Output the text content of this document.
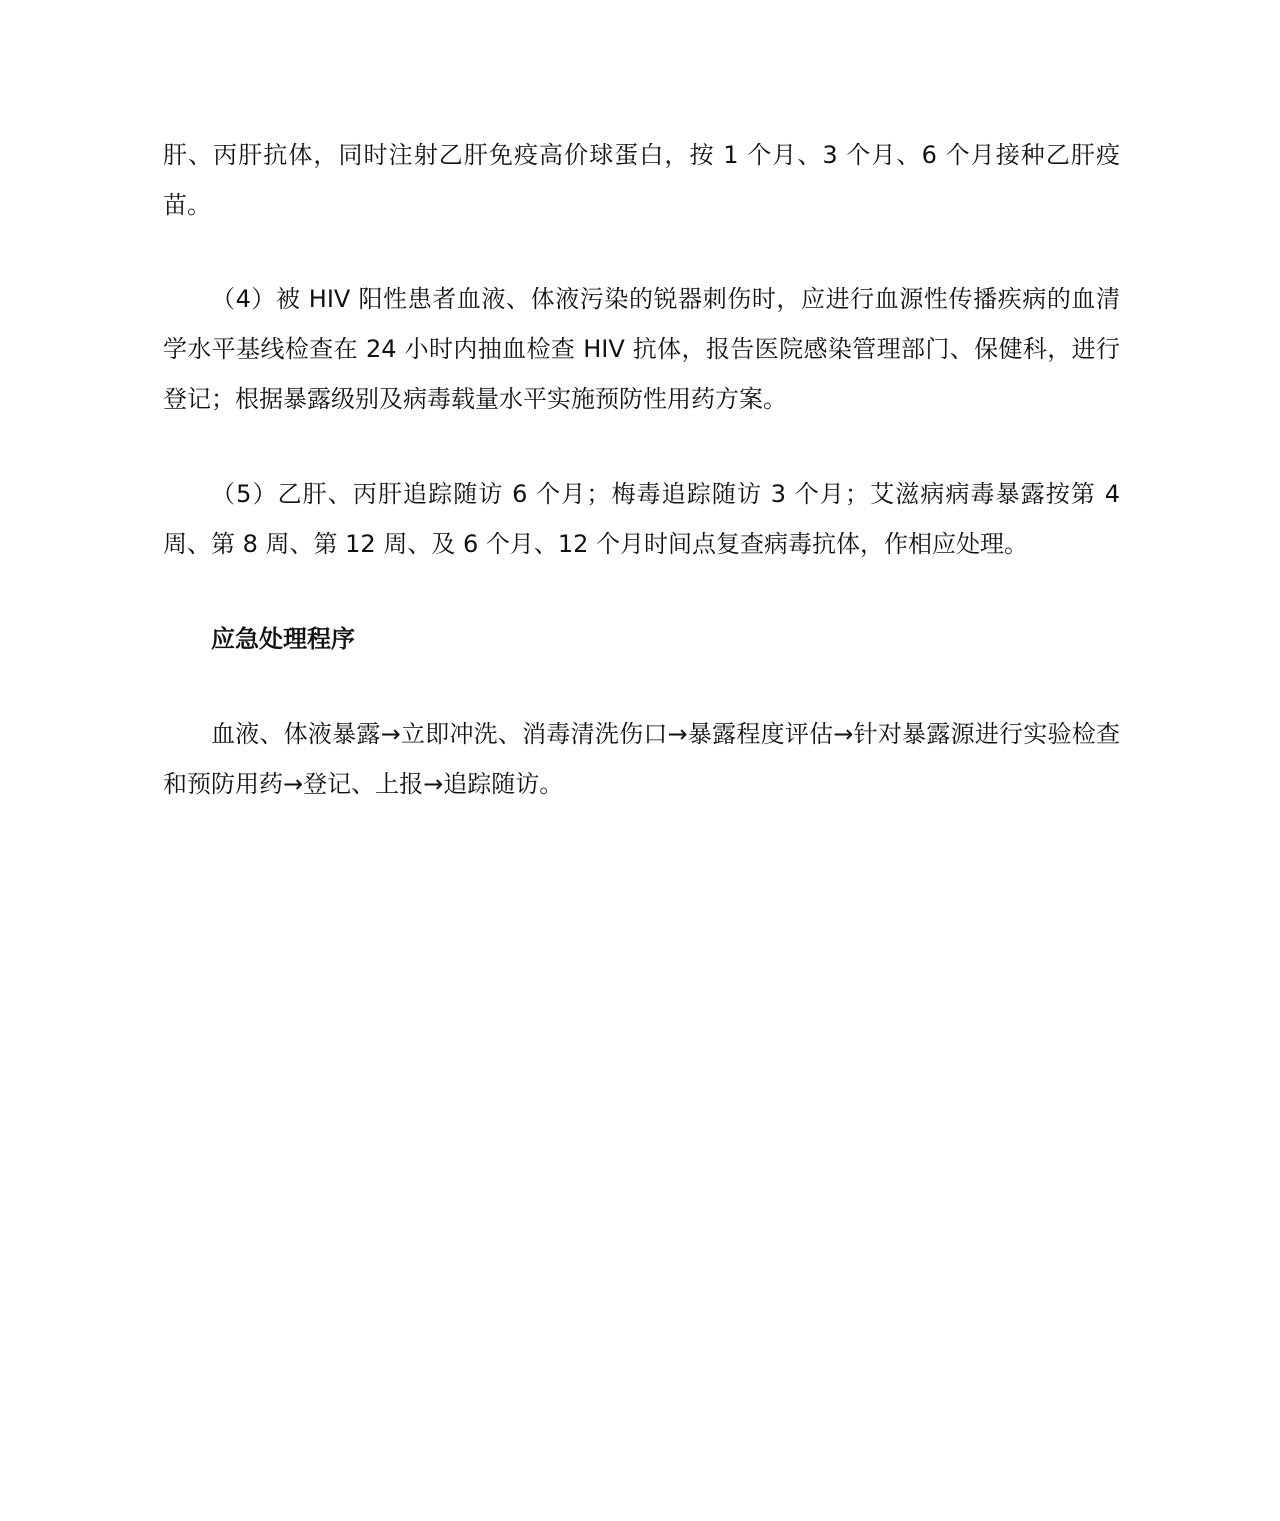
肝、丙肝抗体，同时注射乙肝免疫高价球蛋白，按 1 个月、3 个月、6 个月接种乙肝疫苗。

（4）被 HIV 阳性患者血液、体液污染的锐器刺伤时，应进行血源性传播疾病的血清学水平基线检查在 24 小时内抽血检查 HIV 抗体，报告医院感染管理部门、保健科，进行登记；根据暴露级别及病毒载量水平实施预防性用药方案。

（5）乙肝、丙肝追踪随访 6 个月；梅毒追踪随访 3 个月；艾滋病病毒暴露按第 4 周、第 8 周、第 12 周、及 6 个月、12 个月时间点复查病毒抗体，作相应处理。

应急处理程序

血液、体液暴露→立即冲洗、消毒清洗伤口→暴露程度评估→针对暴露源进行实验检查和预防用药→登记、上报→追踪随访。
